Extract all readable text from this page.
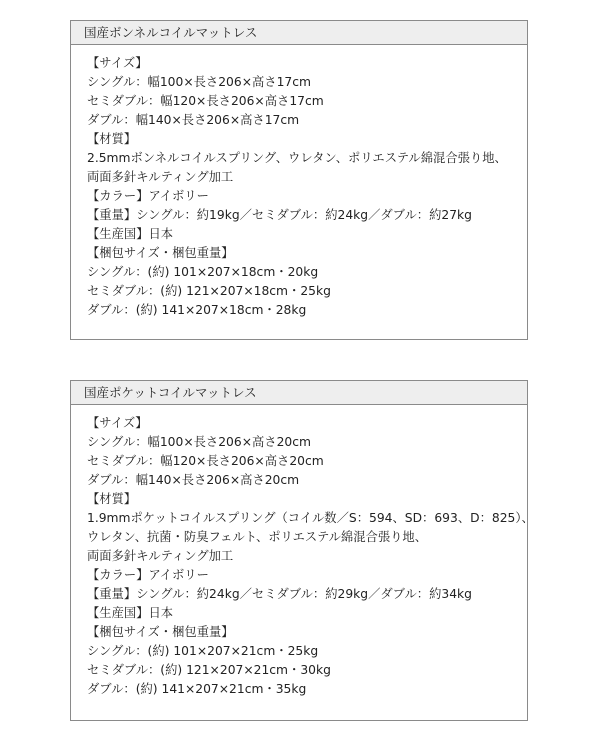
国産ボンネルコイルマットレス
【サイズ】
シングル：幅100×長さ206×高さ17cm
セミダブル：幅120×長さ206×高さ17cm
ダブル：幅140×長さ206×高さ17cm
【材質】
2.5mmボンネルコイルスプリング、ウレタン、ポリエステル綿混合張り地、
両面多針キルティング加工
【カラー】アイボリー
【重量】シングル：約19kg／セミダブル：約24kg／ダブル：約27kg
【生産国】日本
【梱包サイズ・梱包重量】
シングル：(約) 101×207×18cm・20kg
セミダブル：(約) 121×207×18cm・25kg
ダブル：(約) 141×207×18cm・28kg
国産ポケットコイルマットレス
【サイズ】
シングル：幅100×長さ206×高さ20cm
セミダブル：幅120×長さ206×高さ20cm
ダブル：幅140×長さ206×高さ20cm
【材質】
1.9mmポケットコイルスプリング（コイル数／S：594、SD：693、D：825）、
ウレタン、抗菌・防臭フェルト、ポリエステル綿混合張り地、
両面多針キルティング加工
【カラー】アイボリー
【重量】シングル：約24kg／セミダブル：約29kg／ダブル：約34kg
【生産国】日本
【梱包サイズ・梱包重量】
シングル：(約) 101×207×21cm・25kg
セミダブル：(約) 121×207×21cm・30kg
ダブル：(約) 141×207×21cm・35kg
